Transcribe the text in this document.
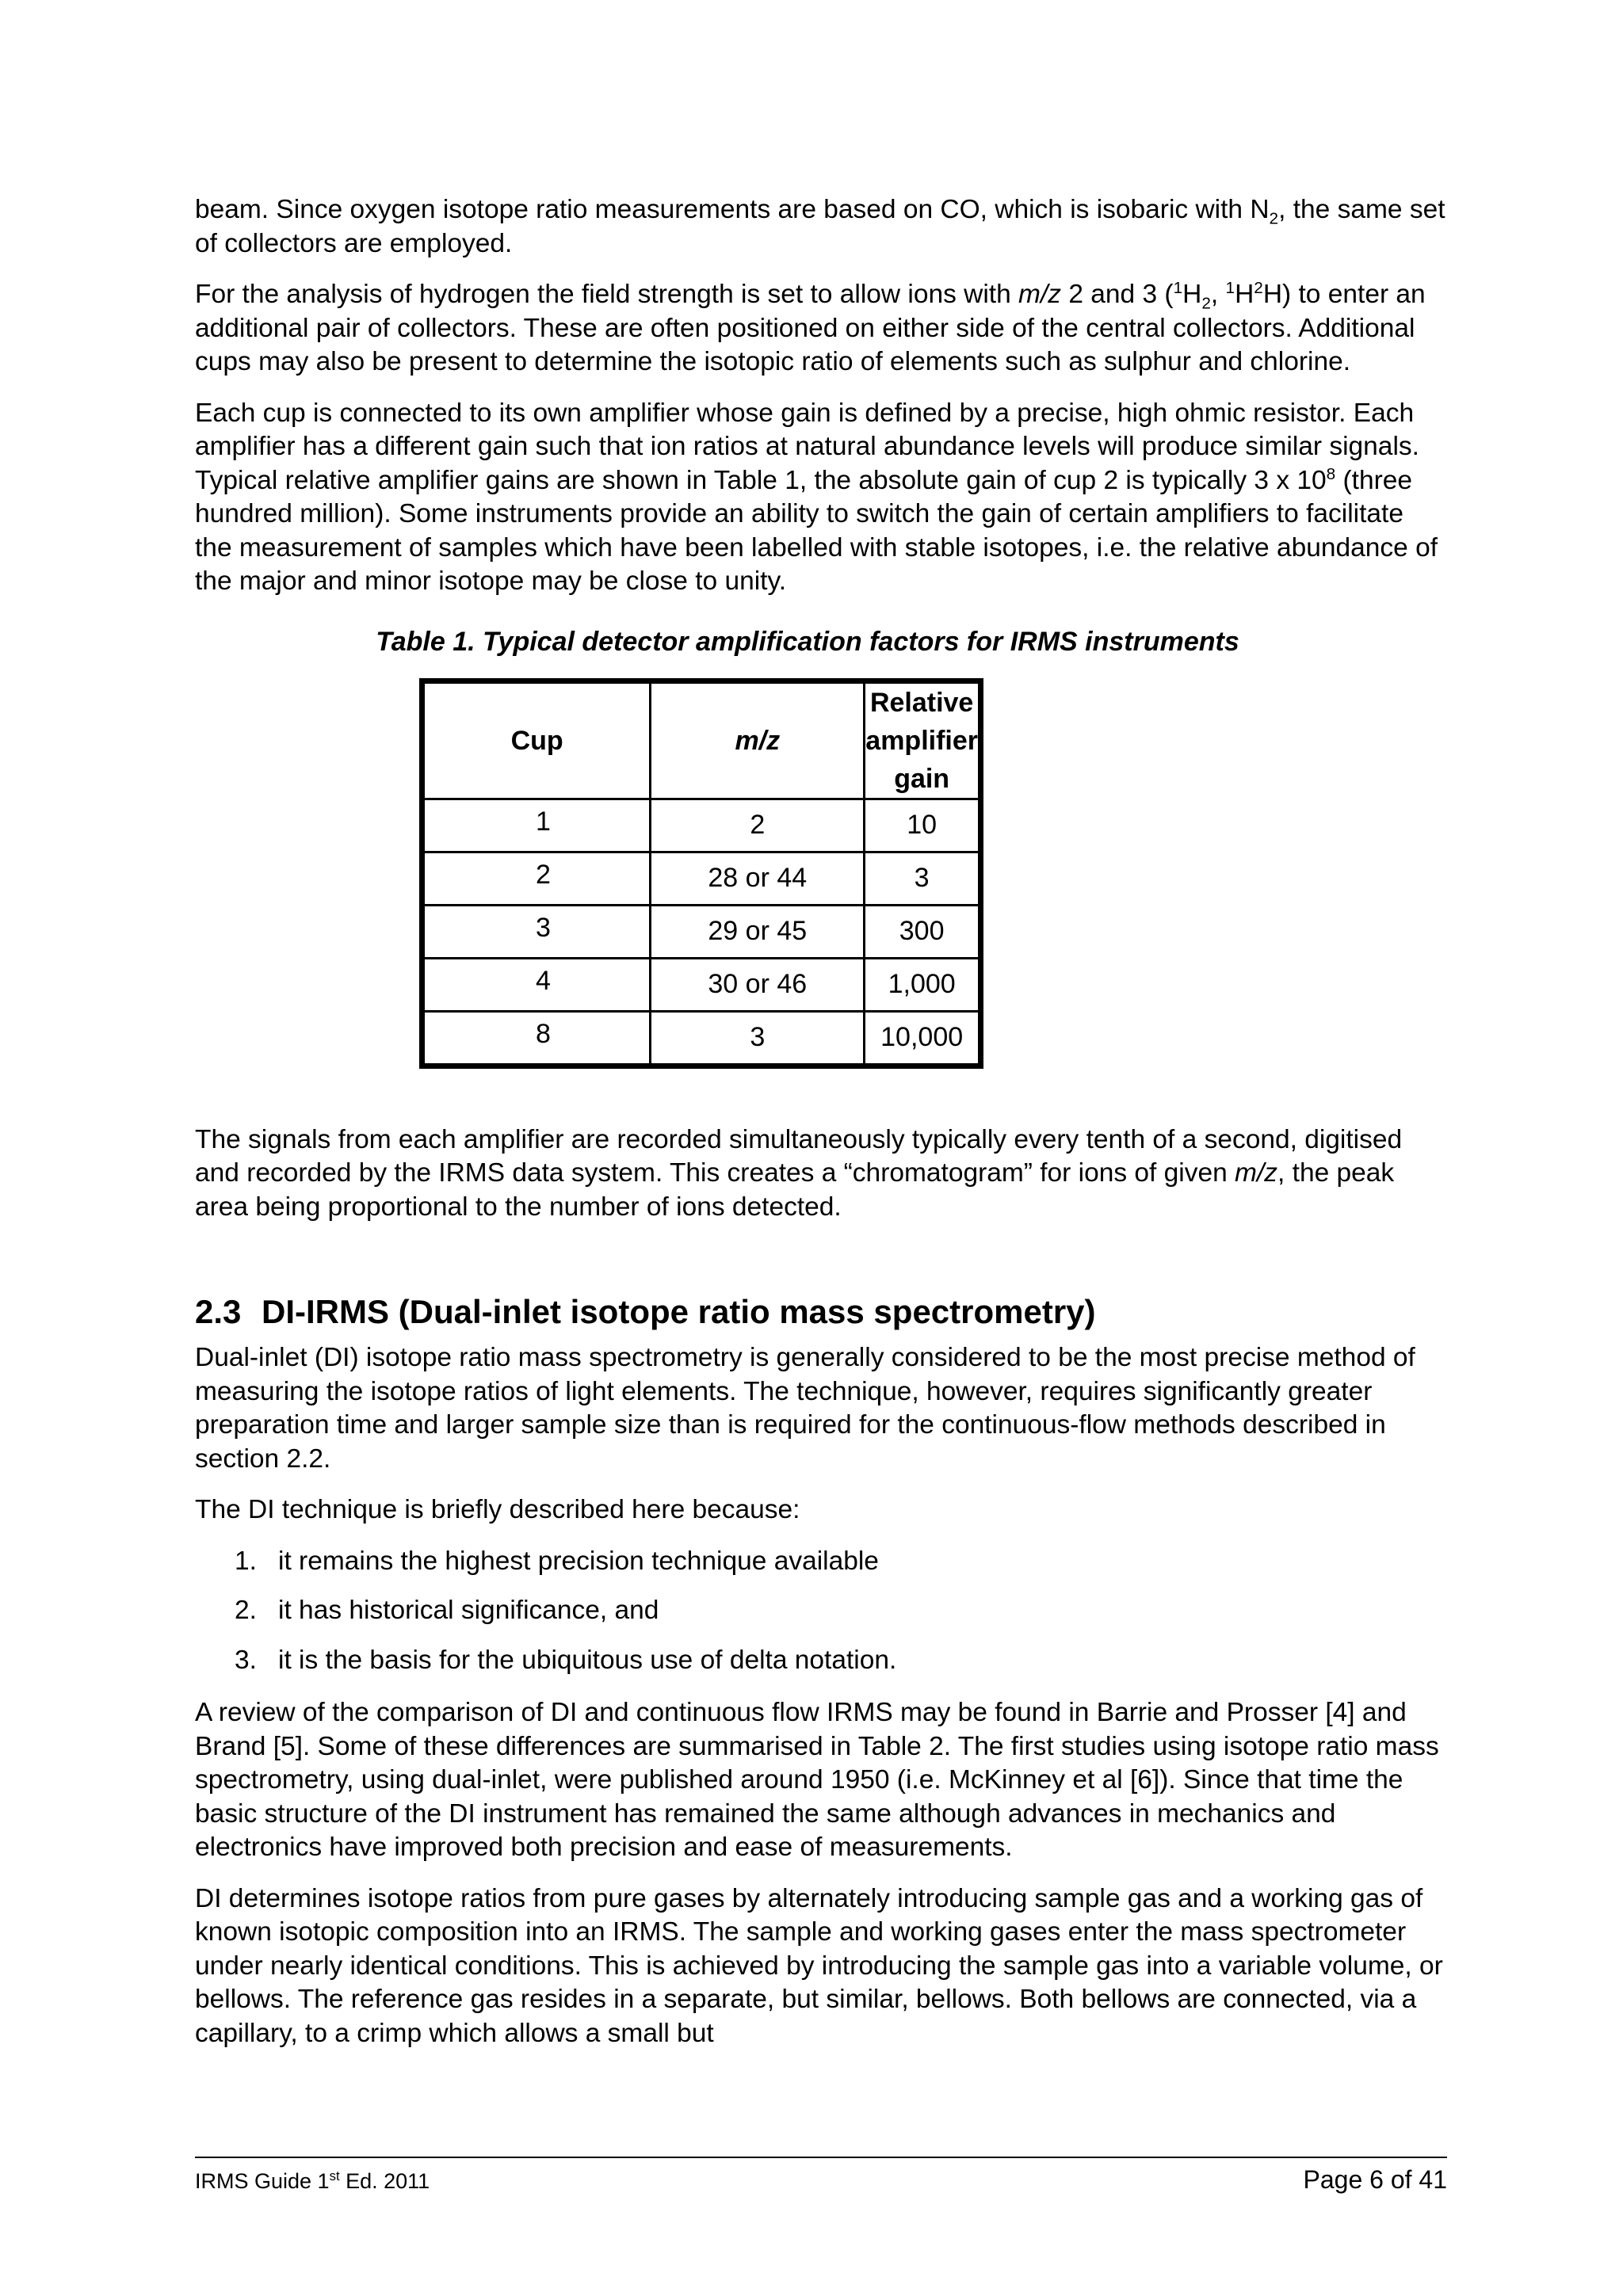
beam. Since oxygen isotope ratio measurements are based on CO, which is isobaric with $N_2$, the same set of collectors are employed.

For the analysis of hydrogen the field strength is set to allow ions with m/z 2 and 3 ($^1H_2$, $^1H^2H$) to enter an additional pair of collectors. These are often positioned on either side of the central collectors. Additional cups may also be present to determine the isotopic ratio of elements such as sulphur and chlorine.

Each cup is connected to its own amplifier whose gain is defined by a precise, high ohmic resistor. Each amplifier has a different gain such that ion ratios at natural abundance levels will produce similar signals. Typical relative amplifier gains are shown in Table 1, the absolute gain of cup 2 is typically 3 x $10^8$ (three hundred million). Some instruments provide an ability to switch the gain of certain amplifiers to facilitate the measurement of samples which have been labelled with stable isotopes, i.e. the relative abundance of the major and minor isotope may be close to unity.

Table 1. Typical detector amplification factors for IRMS instruments
Cup	m/z	Relative
amplifier gain
1	2	10
2	28 or 44	3
3	29 or 45	300
4	30 or 46	1,000
8	3	10,000

The signals from each amplifier are recorded simultaneously typically every tenth of a second, digitised and recorded by the IRMS data system. This creates a “chromatogram” for ions of given m/z, the peak area being proportional to the number of ions detected.

2.3 DI-IRMS (Dual-inlet isotope ratio mass spectrometry)

Dual-inlet (DI) isotope ratio mass spectrometry is generally considered to be the most precise method of measuring the isotope ratios of light elements. The technique, however, requires significantly greater preparation time and larger sample size than is required for the continuous-flow methods described in section 2.2.

The DI technique is briefly described here because:

1. it remains the highest precision technique available
2. it has historical significance, and
3. it is the basis for the ubiquitous use of delta notation.

A review of the comparison of DI and continuous flow IRMS may be found in Barrie and Prosser [4] and Brand [5]. Some of these differences are summarised in Table 2. The first studies using isotope ratio mass spectrometry, using dual-inlet, were published around 1950 (i.e. McKinney et al [6]). Since that time the basic structure of the DI instrument has remained the same although advances in mechanics and electronics have improved both precision and ease of measurements.

DI determines isotope ratios from pure gases by alternately introducing sample gas and a working gas of known isotopic composition into an IRMS. The sample and working gases enter the mass spectrometer under nearly identical conditions. This is achieved by introducing the sample gas into a variable volume, or bellows. The reference gas resides in a separate, but similar, bellows. Both bellows are connected, via a capillary, to a crimp which allows a small but

IRMS Guide 1st Ed. 2011	Page 6 of 41
